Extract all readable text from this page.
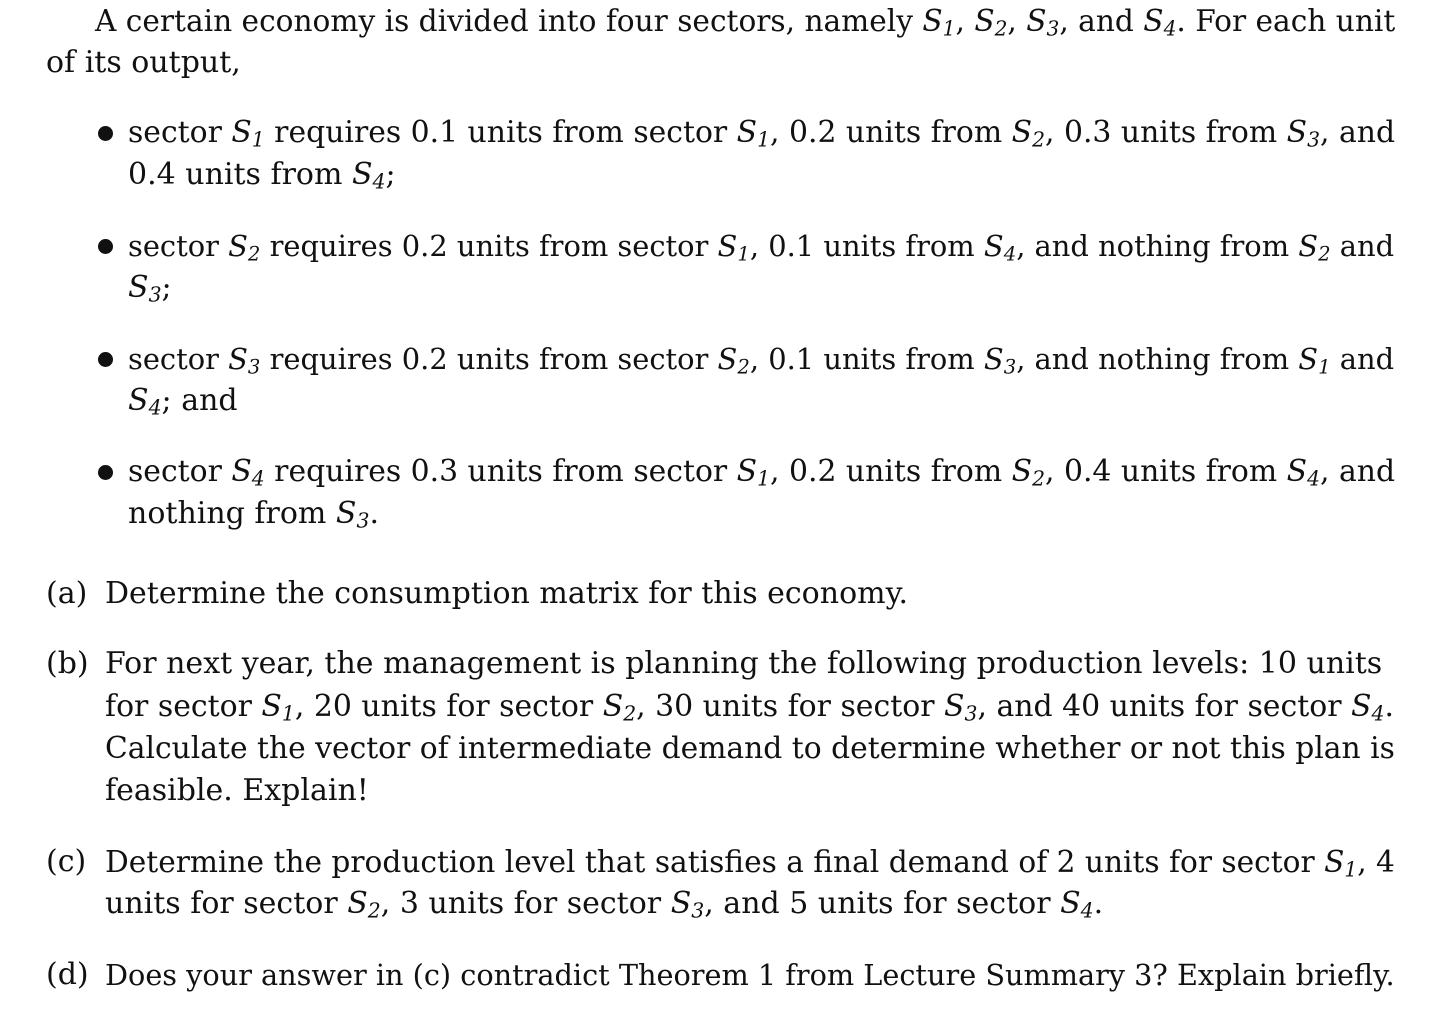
A certain economy is divided into four sectors, namely $S_1$, $S_2$, $S_3$, and $S_4$. For each unit
of its output,
sector $S_1$ requires 0.1 units from sector $S_1$, 0.2 units from $S_2$, 0.3 units from $S_3$, and
0.4 units from $S_4$;
sector $S_2$ requires 0.2 units from sector $S_1$, 0.1 units from $S_4$, and nothing from $S_2$ and
$S_3$;
sector $S_3$ requires 0.2 units from sector $S_2$, 0.1 units from $S_3$, and nothing from $S_1$ and
$S_4$; and
sector $S_4$ requires 0.3 units from sector $S_1$, 0.2 units from $S_2$, 0.4 units from $S_4$, and
nothing from $S_3$.
(a) Determine the consumption matrix for this economy.
(b) For next year, the management is planning the following production levels: 10 units
for sector $S_1$, 20 units for sector $S_2$, 30 units for sector $S_3$, and 40 units for sector $S_4$.
Calculate the vector of intermediate demand to determine whether or not this plan is
feasible. Explain!
(c) Determine the production level that satisfies a final demand of 2 units for sector $S_1$, 4
units for sector $S_2$, 3 units for sector $S_3$, and 5 units for sector $S_4$.
(d) Does your answer in (c) contradict Theorem 1 from Lecture Summary 3? Explain briefly.
